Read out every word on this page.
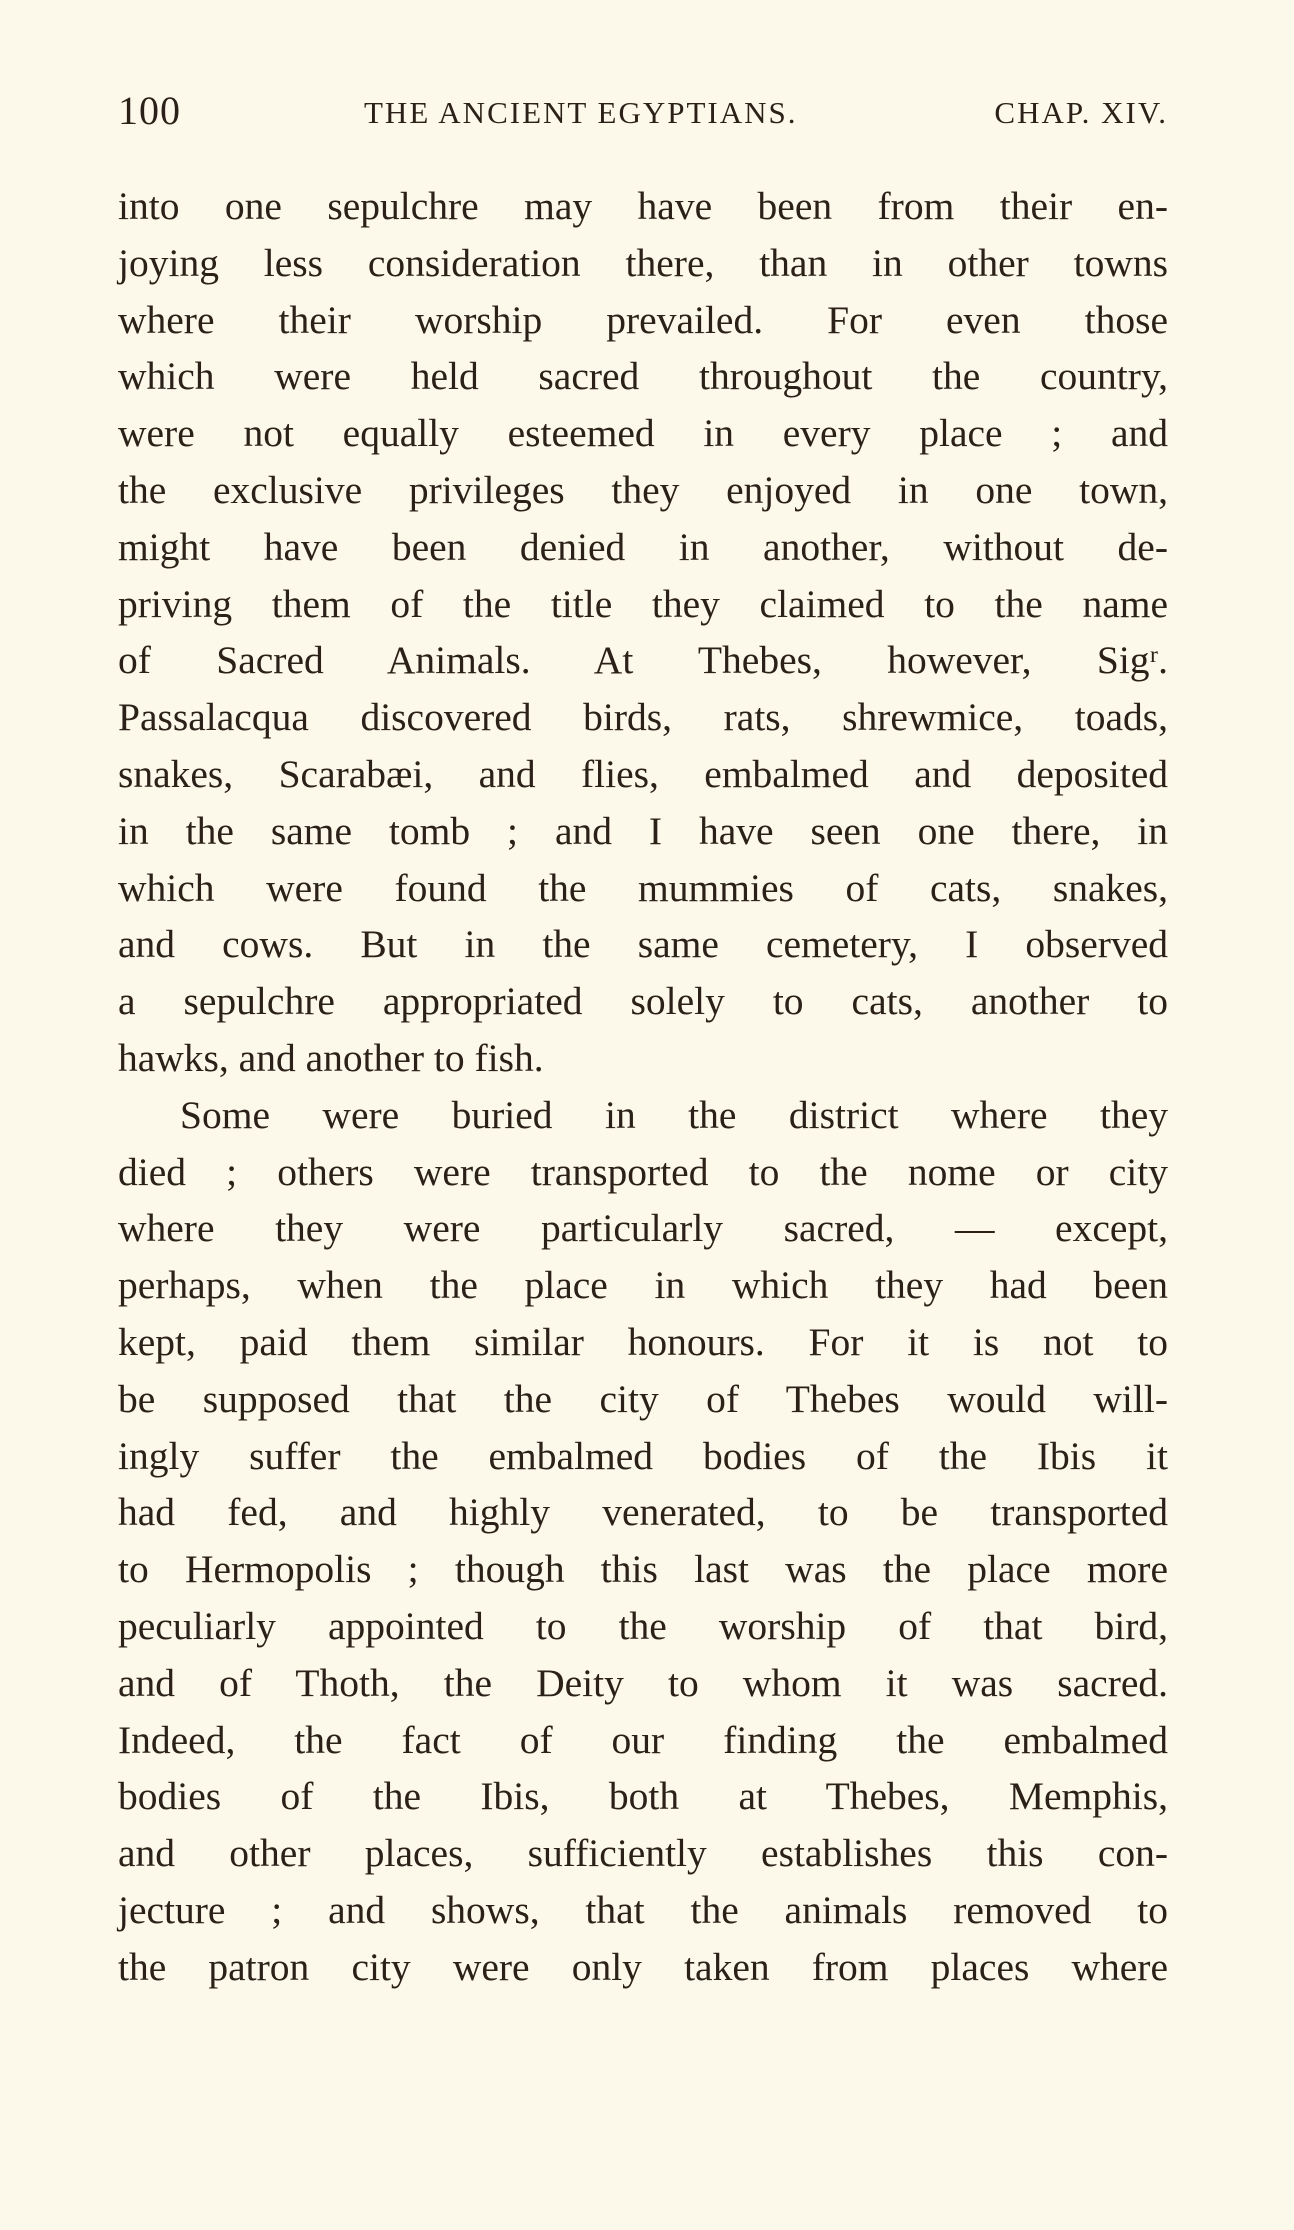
100	THE ANCIENT EGYPTIANS.	CHAP. XIV.
into one sepulchre may have been from their en-
joying less consideration there, than in other towns
where their worship prevailed. For even those
which were held sacred throughout the country,
were not equally esteemed in every place ; and
the exclusive privileges they enjoyed in one town,
might have been denied in another, without de-
priving them of the title they claimed to the name
of Sacred Animals. At Thebes, however, Sigʳ.
Passalacqua discovered birds, rats, shrewmice, toads,
snakes, Scarabæi, and flies, embalmed and deposited
in the same tomb ; and I have seen one there, in
which were found the mummies of cats, snakes,
and cows. But in the same cemetery, I observed
a sepulchre appropriated solely to cats, another to
hawks, and another to fish.
Some were buried in the district where they
died ; others were transported to the nome or city
where they were particularly sacred, — except,
perhaps, when the place in which they had been
kept, paid them similar honours. For it is not to
be supposed that the city of Thebes would will-
ingly suffer the embalmed bodies of the Ibis it
had fed, and highly venerated, to be transported
to Hermopolis ; though this last was the place more
peculiarly appointed to the worship of that bird,
and of Thoth, the Deity to whom it was sacred.
Indeed, the fact of our finding the embalmed
bodies of the Ibis, both at Thebes, Memphis,
and other places, sufficiently establishes this con-
jecture ; and shows, that the animals removed to
the patron city were only taken from places where
